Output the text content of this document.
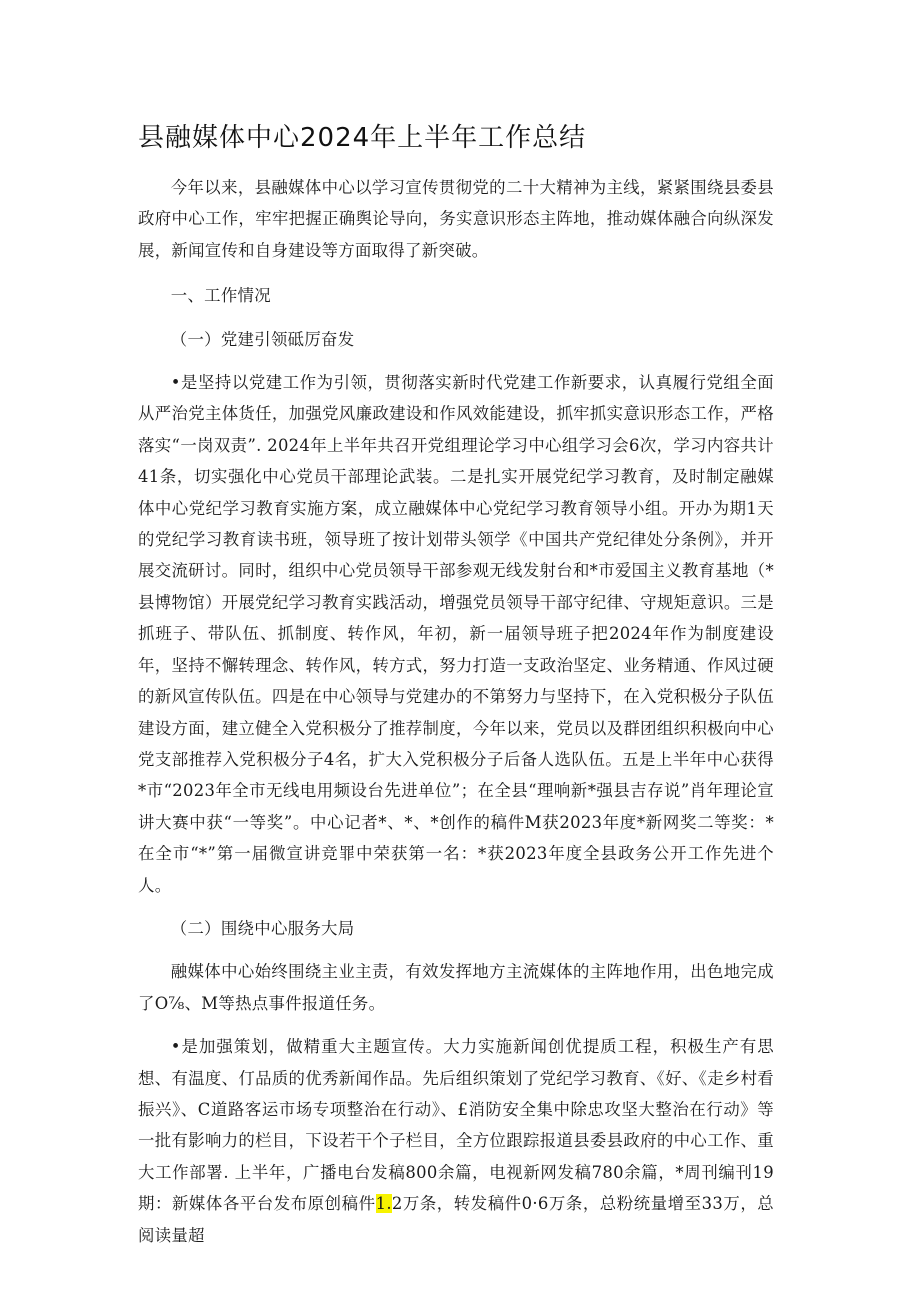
县融媒体中心2024年上半年工作总结

今年以来，县融媒体中心以学习宣传贯彻党的二十大精神为主线，紧紧围绕县委县政府中心工作，牢牢把握正确舆论导向，务实意识形态主阵地，推动媒体融合向纵深发展，新闻宣传和自身建设等方面取得了新突破。

一、工作情况

（一）党建引领砥厉奋发

•是坚持以党建工作为引领，贯彻落实新时代党建工作新要求，认真履行党组全面从严治党主体货任，加强党风廉政建设和作风效能建设，抓牢抓实意识形态工作，严格落实“一岗双责”. 2024年上半年共召开党组理论学习中心组学习会6次，学习内容共计41条，切实强化中心党员干部理论武装。二是扎实开展党纪学习教育，及时制定融媒体中心党纪学习教育实施方案，成立融媒体中心党纪学习教育领导小组。开办为期1天的党纪学习教育读书班，领导班了按计划带头领学《中国共产党纪律处分条例》，并开展交流研讨。同时，组织中心党员领导干部参观无线发射台和*市爱国主义教育基地（*县博物馆）开展党纪学习教育实践活动，增强党员领导干部守纪律、守规矩意识。三是抓班子、带队伍、抓制度、转作风，年初，新一届领导班子把2024年作为制度建设年，坚持不懈转理念、转作风，转方式，努力打造一支政治坚定、业务精通、作风过硬的新风宣传队伍。四是在中心领导与党建办的不第努力与坚持下，在入党积极分子队伍建设方面，建立健全入党积极分了推荐制度，今年以来，党员以及群团组织积极向中心党支部推荐入党积极分子4名，扩大入党积极分子后备人选队伍。五是上半年中心获得*市“2023年全市无线电用频设台先进单位”；在全县“理响新*强县吉存说”肖年理论宣讲大赛中获“一等奖”。中心记者*、*、*创作的稿件M获2023年度*新网奖二等奖：*在全市“*”第一届微宣讲竞罪中荣获第一名：*获2023年度全县政务公开工作先进个人。

（二）围绕中心服务大局

融媒体中心始终围绕主业主责，有效发挥地方主流媒体的主阵地作用，出色地完成了O⅞、M等热点事件报道任务。

•是加强策划，做精重大主题宣传。大力实施新闻创优提质工程，积极生产有思想、有温度、仃品质的优秀新闻作品。先后组织策划了党纪学习教育、《好、《走乡村看振兴》、C道路客运市场专项整治在行动》、£消防安全集中除忠攻坚大整治在行动》等一批有影响力的栏目，下设若干个子栏目，全方位跟踪报道县委县政府的中心工作、重大工作部署. 上半年，广播电台发稿800余篇，电视新网发稿780余篇，*周刊编刊19期：新媒体各平台发布原创稿件1.2万条，转发稿件0·6万条，总粉统量增至33万，总阅读量超
